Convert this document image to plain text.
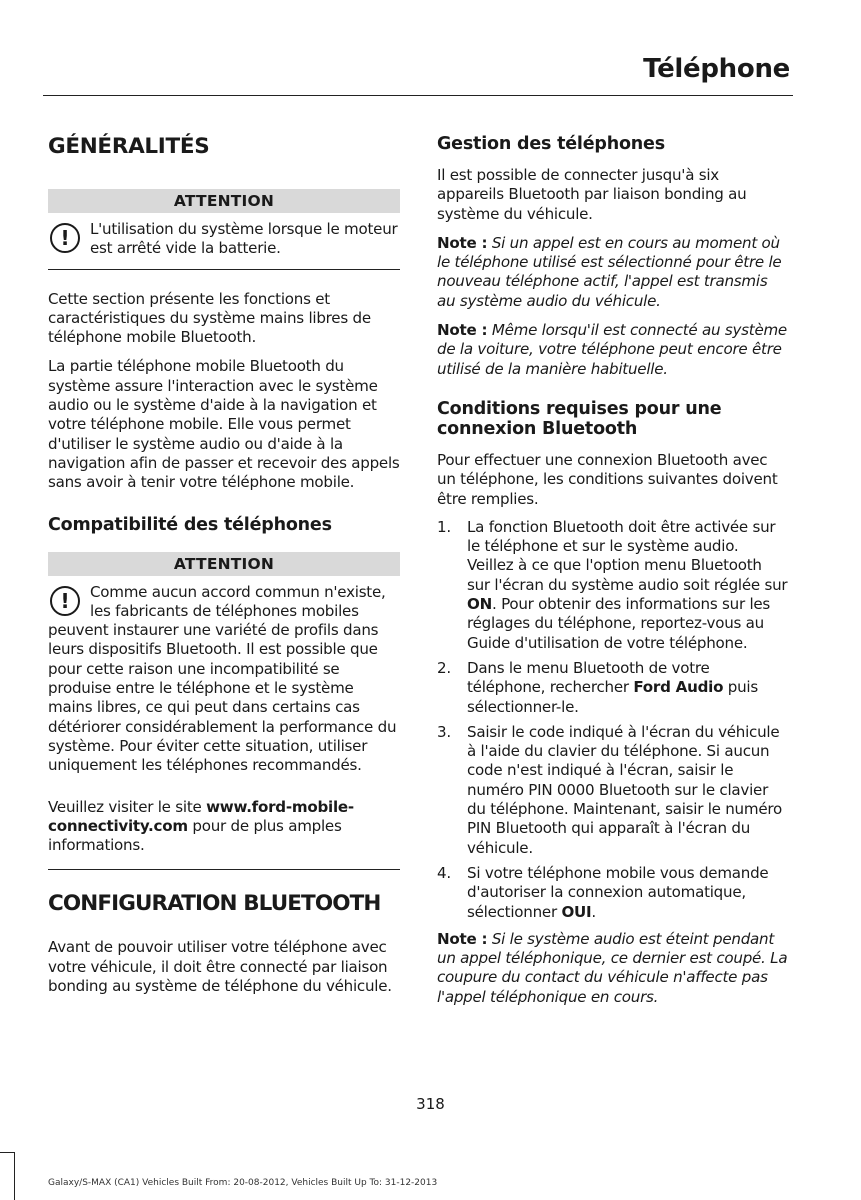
Téléphone
GÉNÉRALITÉS
ATTENTION
!	L'utilisation du système lorsque le moteur est arrêté vide la batterie.

Cette section présente les fonctions et caractéristiques du système mains libres de téléphone mobile Bluetooth.

La partie téléphone mobile Bluetooth du système assure l'interaction avec le système audio ou le système d'aide à la navigation et votre téléphone mobile. Elle vous permet d'utiliser le système audio ou d'aide à la navigation afin de passer et recevoir des appels sans avoir à tenir votre téléphone mobile.

Compatibilité des téléphones
ATTENTION
!	Comme aucun accord commun n'existe, les fabricants de téléphones mobiles peuvent instaurer une variété de profils dans leurs dispositifs Bluetooth. Il est possible que pour cette raison une incompatibilité se produise entre le téléphone et le système mains libres, ce qui peut dans certains cas détériorer considérablement la performance du système. Pour éviter cette situation, utiliser uniquement les téléphones recommandés.

Veuillez visiter le site www.ford-mobile-connectivity.com pour de plus amples informations.

CONFIGURATION BLUETOOTH

Avant de pouvoir utiliser votre téléphone avec votre véhicule, il doit être connecté par liaison bonding au système de téléphone du véhicule.

Gestion des téléphones

Il est possible de connecter jusqu'à six appareils Bluetooth par liaison bonding au système du véhicule.

Note : Si un appel est en cours au moment où le téléphone utilisé est sélectionné pour être le nouveau téléphone actif, l'appel est transmis au système audio du véhicule.

Note : Même lorsqu'il est connecté au système de la voiture, votre téléphone peut encore être utilisé de la manière habituelle.

Conditions requises pour une connexion Bluetooth

Pour effectuer une connexion Bluetooth avec un téléphone, les conditions suivantes doivent être remplies.

1. La fonction Bluetooth doit être activée sur le téléphone et sur le système audio. Veillez à ce que l'option menu Bluetooth sur l'écran du système audio soit réglée sur ON. Pour obtenir des informations sur les réglages du téléphone, reportez-vous au Guide d'utilisation de votre téléphone.
2. Dans le menu Bluetooth de votre téléphone, rechercher Ford Audio puis sélectionner-le.
3. Saisir le code indiqué à l'écran du véhicule à l'aide du clavier du téléphone. Si aucun code n'est indiqué à l'écran, saisir le numéro PIN 0000 Bluetooth sur le clavier du téléphone. Maintenant, saisir le numéro PIN Bluetooth qui apparaît à l'écran du véhicule.
4. Si votre téléphone mobile vous demande d'autoriser la connexion automatique, sélectionner OUI.

Note : Si le système audio est éteint pendant un appel téléphonique, ce dernier est coupé. La coupure du contact du véhicule n'affecte pas l'appel téléphonique en cours.

318
Galaxy/S-MAX (CA1) Vehicles Built From: 20-08-2012, Vehicles Built Up To: 31-12-2013
